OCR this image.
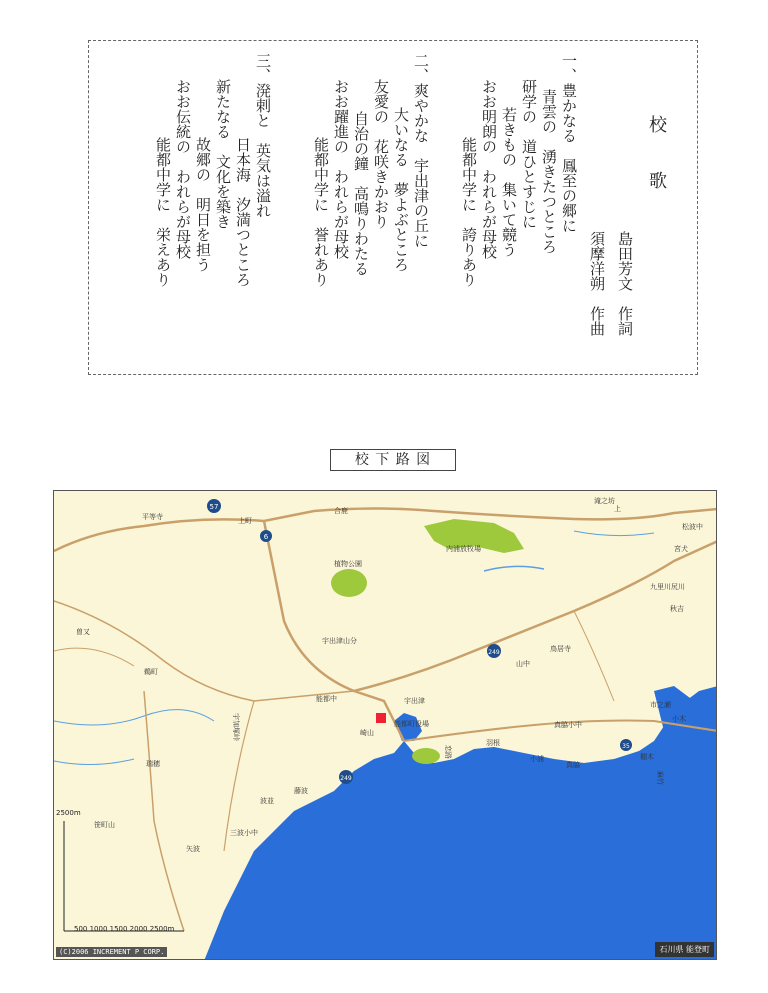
校　歌
島田芳文　作詞
須摩洋朔　作曲
一、豊かなる　鳳至の郷に
青雲の　湧きたつところ
研学の　道ひとすじに
若きもの　集いて競う
おお明朗の　われらが母校
能都中学に　誇りあり
二、爽やかな　宇出津の丘に
大いなる　夢よぶところ
友愛の　花咲きかおり
自治の鐘　高鳴りわたる
おお躍進の　われらが母校
能都中学に　誉れあり
三、溌剌と　英気は溢れ
日本海　汐満つところ
新たなる　文化を築き
故郷の　明日を担う
おお伝統の　われらが母校
能都中学に　栄えあり
校 下 路 図
57
6
249
35
249
合鹿
上町
平等寺
内浦放牧場
植物公園
宇出津山分
曽又
鵜町
瑞穂
宇加塚峠
能都中
能都町役場
崎山
宇出津
羽根
小浦
真脇
山中
鳥居寺
藤波
波並
三波小中
矢波
笹町山
市之瀬
九里川尻川
秋吉
松波中
宮犬
滝之坊
真脇小中
小木
棚木
恋路
上
麻竹
2500m
500 1000 1500 2000 2500m
(C)2006 INCREMENT P CORP.	石川県 能登町
